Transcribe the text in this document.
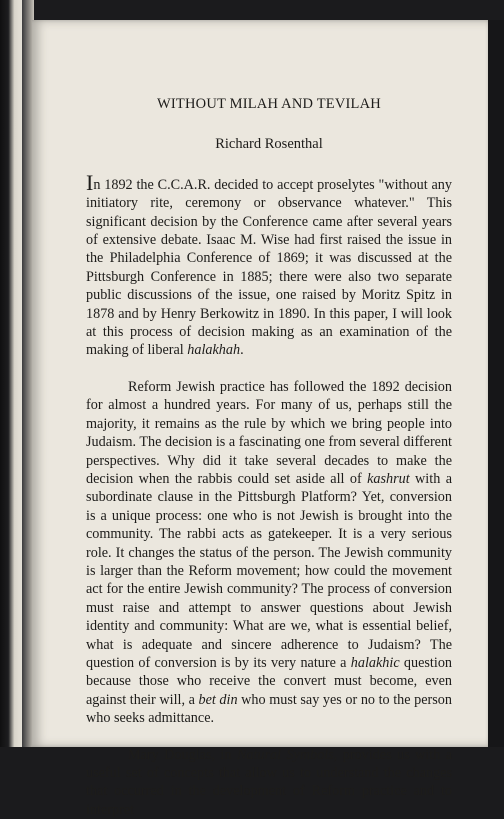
WITHOUT MILAH AND TEVILAH
Richard Rosenthal

In 1892 the C.C.A.R. decided to accept proselytes "without any initiatory rite, ceremony or observance whatever." This significant decision by the Conference came after several years of extensive debate. Isaac M. Wise had first raised the issue in the Philadelphia Conference of 1869; it was discussed at the Pittsburgh Conference in 1885; there were also two separate public discussions of the issue, one raised by Moritz Spitz in 1878 and by Henry Berkowitz in 1890. In this paper, I will look at this process of decision making as an examination of the making of liberal halakhah.

Reform Jewish practice has followed the 1892 decision for almost a hundred years. For many of us, perhaps still the majority, it remains as the rule by which we bring people into Judaism. The decision is a fascinating one from several different perspectives. Why did it take several decades to make the decision when the rabbis could set aside all of kashrut with a subordinate clause in the Pittsburgh Platform? Yet, conversion is a unique process: one who is not Jewish is brought into the community. The rabbi acts as gatekeeper. It is a very serious role. It changes the status of the person. The Jewish community is larger than the Reform movement; how could the movement act for the entire Jewish community? The process of conversion must raise and attempt to answer questions about Jewish identity and community: What are we, what is essential belief, what is adequate and sincere adherence to Judaism? The question of conversion is by its very nature a halakhic question because those who receive the convert must become, even against their will, a bet din who must say yes or no to the person who seeks admittance.

Mary Douglas, in Natural Symbols, provides us with a useful set of concepts that allow us to understand the changes that occurred in the development of Reform practice and to interpret
